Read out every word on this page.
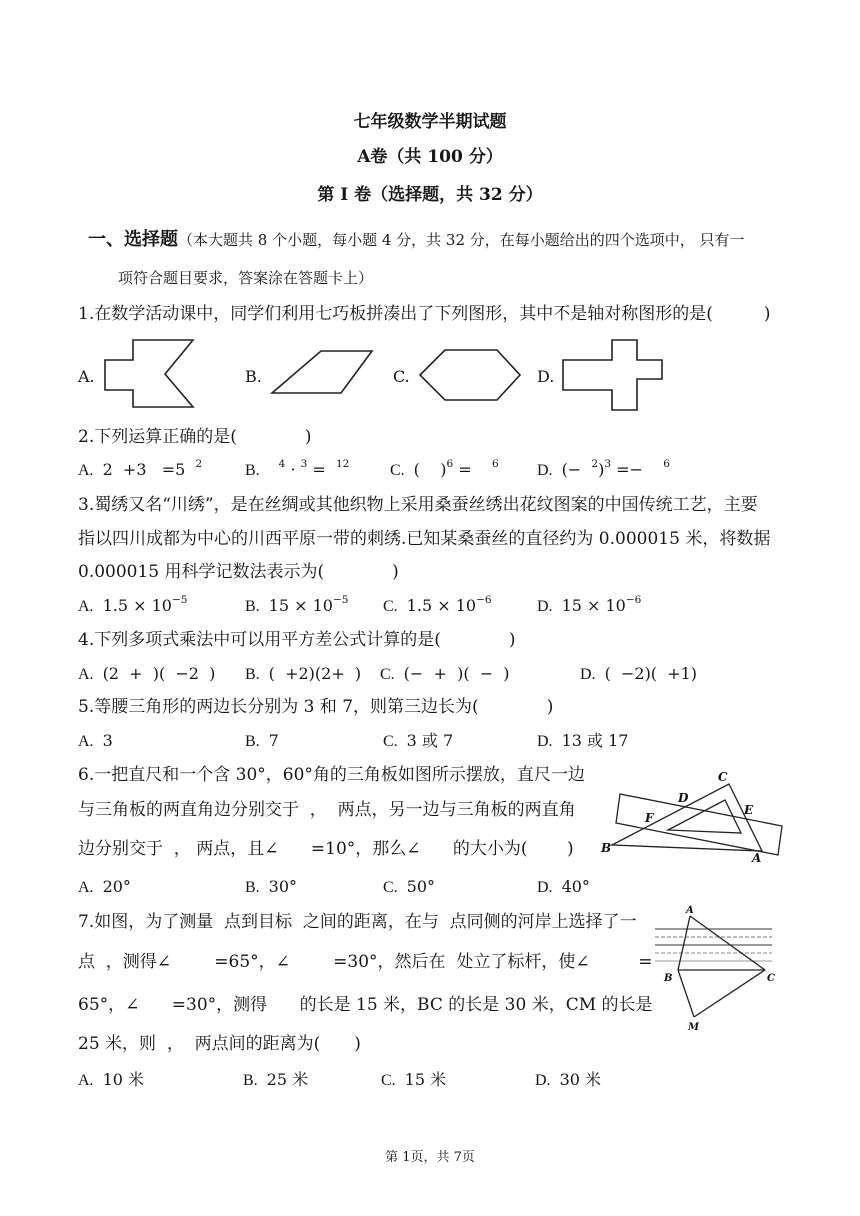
七年级数学半期试题
A卷（共 100 分）
第 I 卷（选择题，共 32 分）
一、选择题（本大题共 8 个小题，每小题 4 分，共 32 分，在每小题给出的四个选项中， 只有一
项符合题目要求，答案涂在答题卡上）
1.在数学活动课中，同学们利用七巧板拼凑出了下列图形，其中不是轴对称图形的是(　　　)
A.	B.	C.	D.
2.下列运算正确的是(　　　　)
A. 2  +3   =5  $^2$	B. $^4$ · $^3$ =  $^{12}$	C. (    )$^6$ =    $^6$ D. (−  $^2$)$^3$ =−    $^6$
3.蜀绣又名“川绣”，是在丝绸或其他织物上采用桑蚕丝绣出花纹图案的中国传统工艺，主要
指以四川成都为中心的川西平原一带的刺绣.已知某桑蚕丝的直径约为 0.000015 米，将数据
0.000015 用科学记数法表示为(　　　　)
A. $1.5 \times 10^{-5}$	B. $15 \times 10^{-5}$ C. $1.5 \times 10^{-6}$	D. $15 \times 10^{-6}$
4.下列多项式乘法中可以用平方差公式计算的是(　　　　)
A. (2  +  )(  −2  ) B. (  +2)(2+  ) C. (−  +  )(  −  )	D. (  −2)(  +1)
5.等腰三角形的两边长分别为 3 和 7，则第三边长为(　　　　)
A. 3	B. 7	C. 3 或 7	D. 13 或 17
6.一把直尺和一个含 30°，60°角的三角板如图所示摆放，直尺一边
与三角板的两直角边分别交于  ，  两点，另一边与三角板的两直角
边分别交于  ， 两点，且∠      =10°，那么∠      的大小为(　　 )
C
D
E
F
B
A
A. 20°	B. 30°	C. 50°	D. 40°
7.如图，为了测量  点到目标  之间的距离，在与  点同侧的河岸上选择了一
点  ，测得∠        =65°，∠        =30°，然后在  处立了标杆，使∠         =
65°，∠      =30°，测得      的长是 15 米，BC 的长是 30 米，CM 的长是
25 米，则  ，  两点间的距离为(　　)
A
B	C
M
A. 10 米	B. 25 米	C. 15 米	D. 30 米
第 1页，共 7页
